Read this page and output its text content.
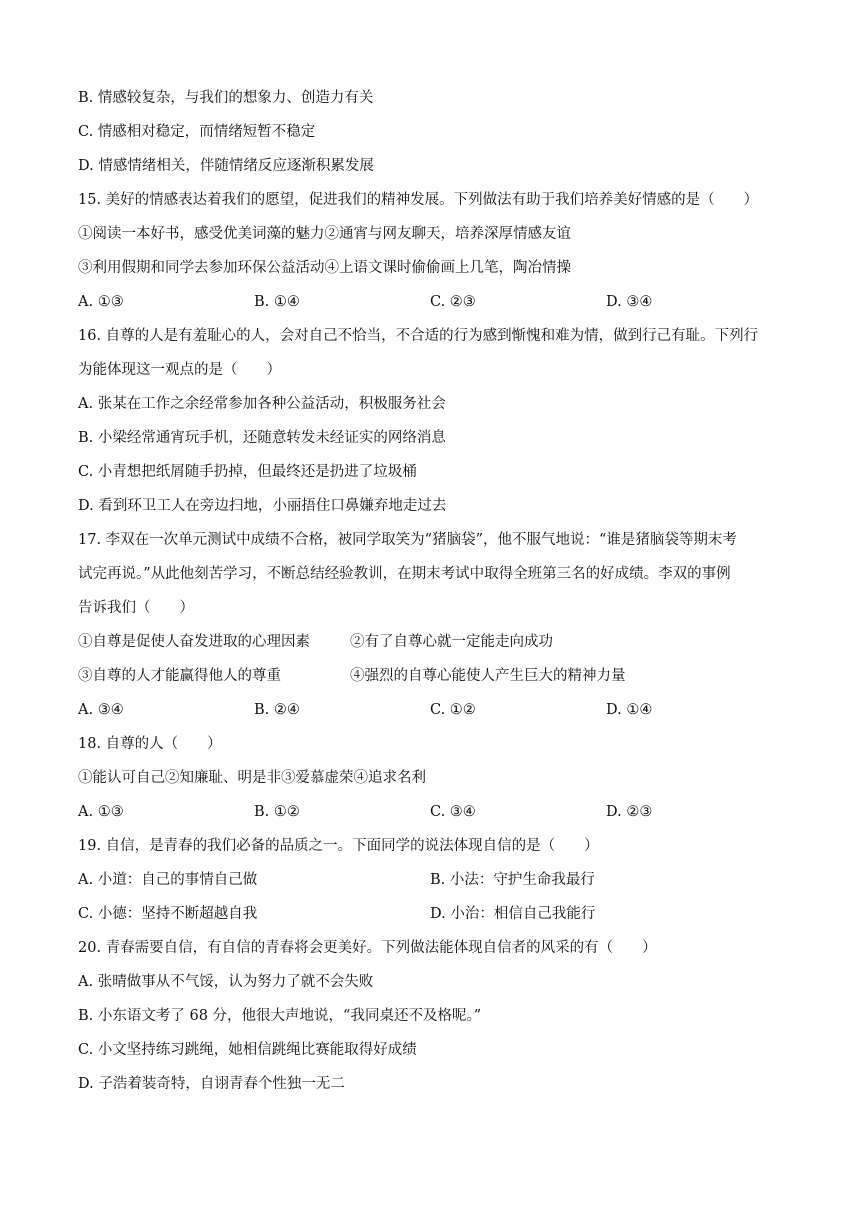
B. 情感较复杂，与我们的想象力、创造力有关
C. 情感相对稳定，而情绪短暂不稳定
D. 情感情绪相关，伴随情绪反应逐渐积累发展
15. 美好的情感表达着我们的愿望，促进我们的精神发展。下列做法有助于我们培养美好情感的是（　　）
①阅读一本好书，感受优美词藻的魅力②通宵与网友聊天，培养深厚情感友谊
③利用假期和同学去参加环保公益活动④上语文课时偷偷画上几笔，陶冶情操
A. ①③	B. ①④	C. ②③	D. ③④
16. 自尊的人是有羞耻心的人，会对自己不恰当，不合适的行为感到惭愧和难为情，做到行己有耻。下列行
为能体现这一观点的是（　　）
A. 张某在工作之余经常参加各种公益活动，积极服务社会
B. 小梁经常通宵玩手机，还随意转发未经证实的网络消息
C. 小青想把纸屑随手扔掉，但最终还是扔进了垃圾桶
D. 看到环卫工人在旁边扫地，小丽捂住口鼻嫌弃地走过去
17. 李双在一次单元测试中成绩不合格，被同学取笑为“猪脑袋”，他不服气地说：“谁是猪脑袋等期末考
试完再说。”从此他刻苦学习，不断总结经验教训，在期末考试中取得全班第三名的好成绩。李双的事例
告诉我们（　　）
①自尊是促使人奋发进取的心理因素	②有了自尊心就一定能走向成功
③自尊的人才能赢得他人的尊重	④强烈的自尊心能使人产生巨大的精神力量
A. ③④	B. ②④	C. ①②	D. ①④
18. 自尊的人（　　）
①能认可自己②知廉耻、明是非③爱慕虚荣④追求名利
A. ①③	B. ①②	C. ③④	D. ②③
19. 自信，是青春的我们必备的品质之一。下面同学的说法体现自信的是（　　）
A. 小道：自己的事情自己做	B. 小法：守护生命我最行
C. 小德：坚持不断超越自我	D. 小治：相信自己我能行
20. 青春需要自信，有自信的青春将会更美好。下列做法能体现自信者的风采的有（　　）
A. 张晴做事从不气馁，认为努力了就不会失败
B. 小东语文考了 68 分，他很大声地说，“我同桌还不及格呢。”
C. 小文坚持练习跳绳，她相信跳绳比赛能取得好成绩
D. 子浩着装奇特，自诩青春个性独一无二
